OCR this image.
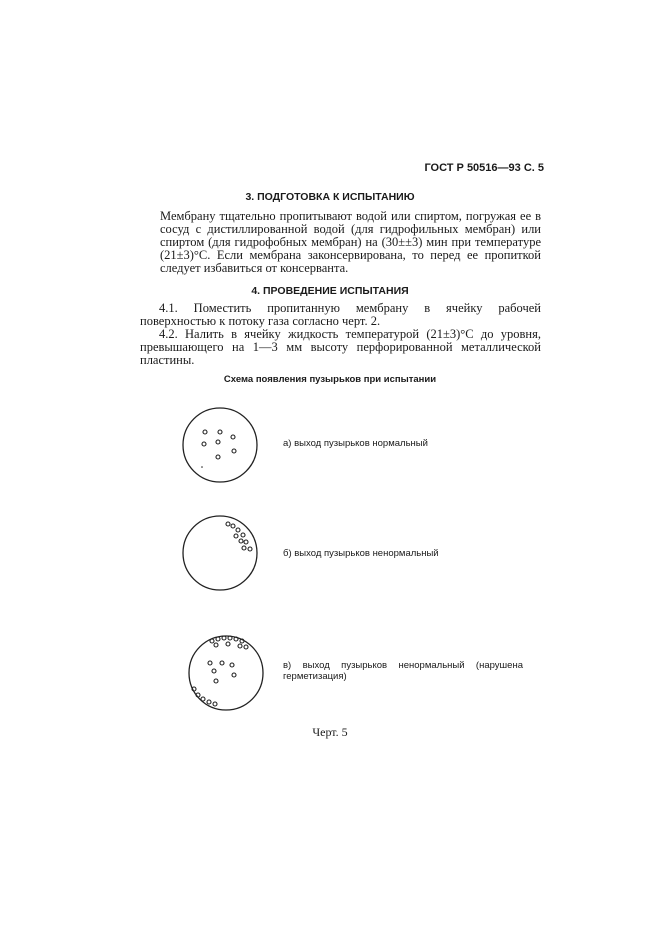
ГОСТ Р 50516—93 С. 5
3. ПОДГОТОВКА К ИСПЫТАНИЮ

Мембрану тщательно пропитывают водой или спиртом, погружая ее в сосуд с дистиллированной водой (для гидрофильных мембран) или спиртом (для гидрофобных мембран) на (30±±3) мин при температуре (21±3)°С. Если мембрана законсервирована, то перед ее пропиткой следует избавиться от консерванта.

4. ПРОВЕДЕНИЕ ИСПЫТАНИЯ

4.1. Поместить пропитанную мембрану в ячейку рабочей поверхностью к потоку газа согласно черт. 2.

4.2. Налить в ячейку жидкость температурой (21±3)°С до уровня, превышающего на 1—3 мм высоту перфорированной металлической пластины.

Схема появления пузырьков при испытании
а) выход пузырьков нормальный
б) выход пузырьков ненормальный
в) выход пузырьков ненормальный (нарушена герметизация)
Черт. 5
